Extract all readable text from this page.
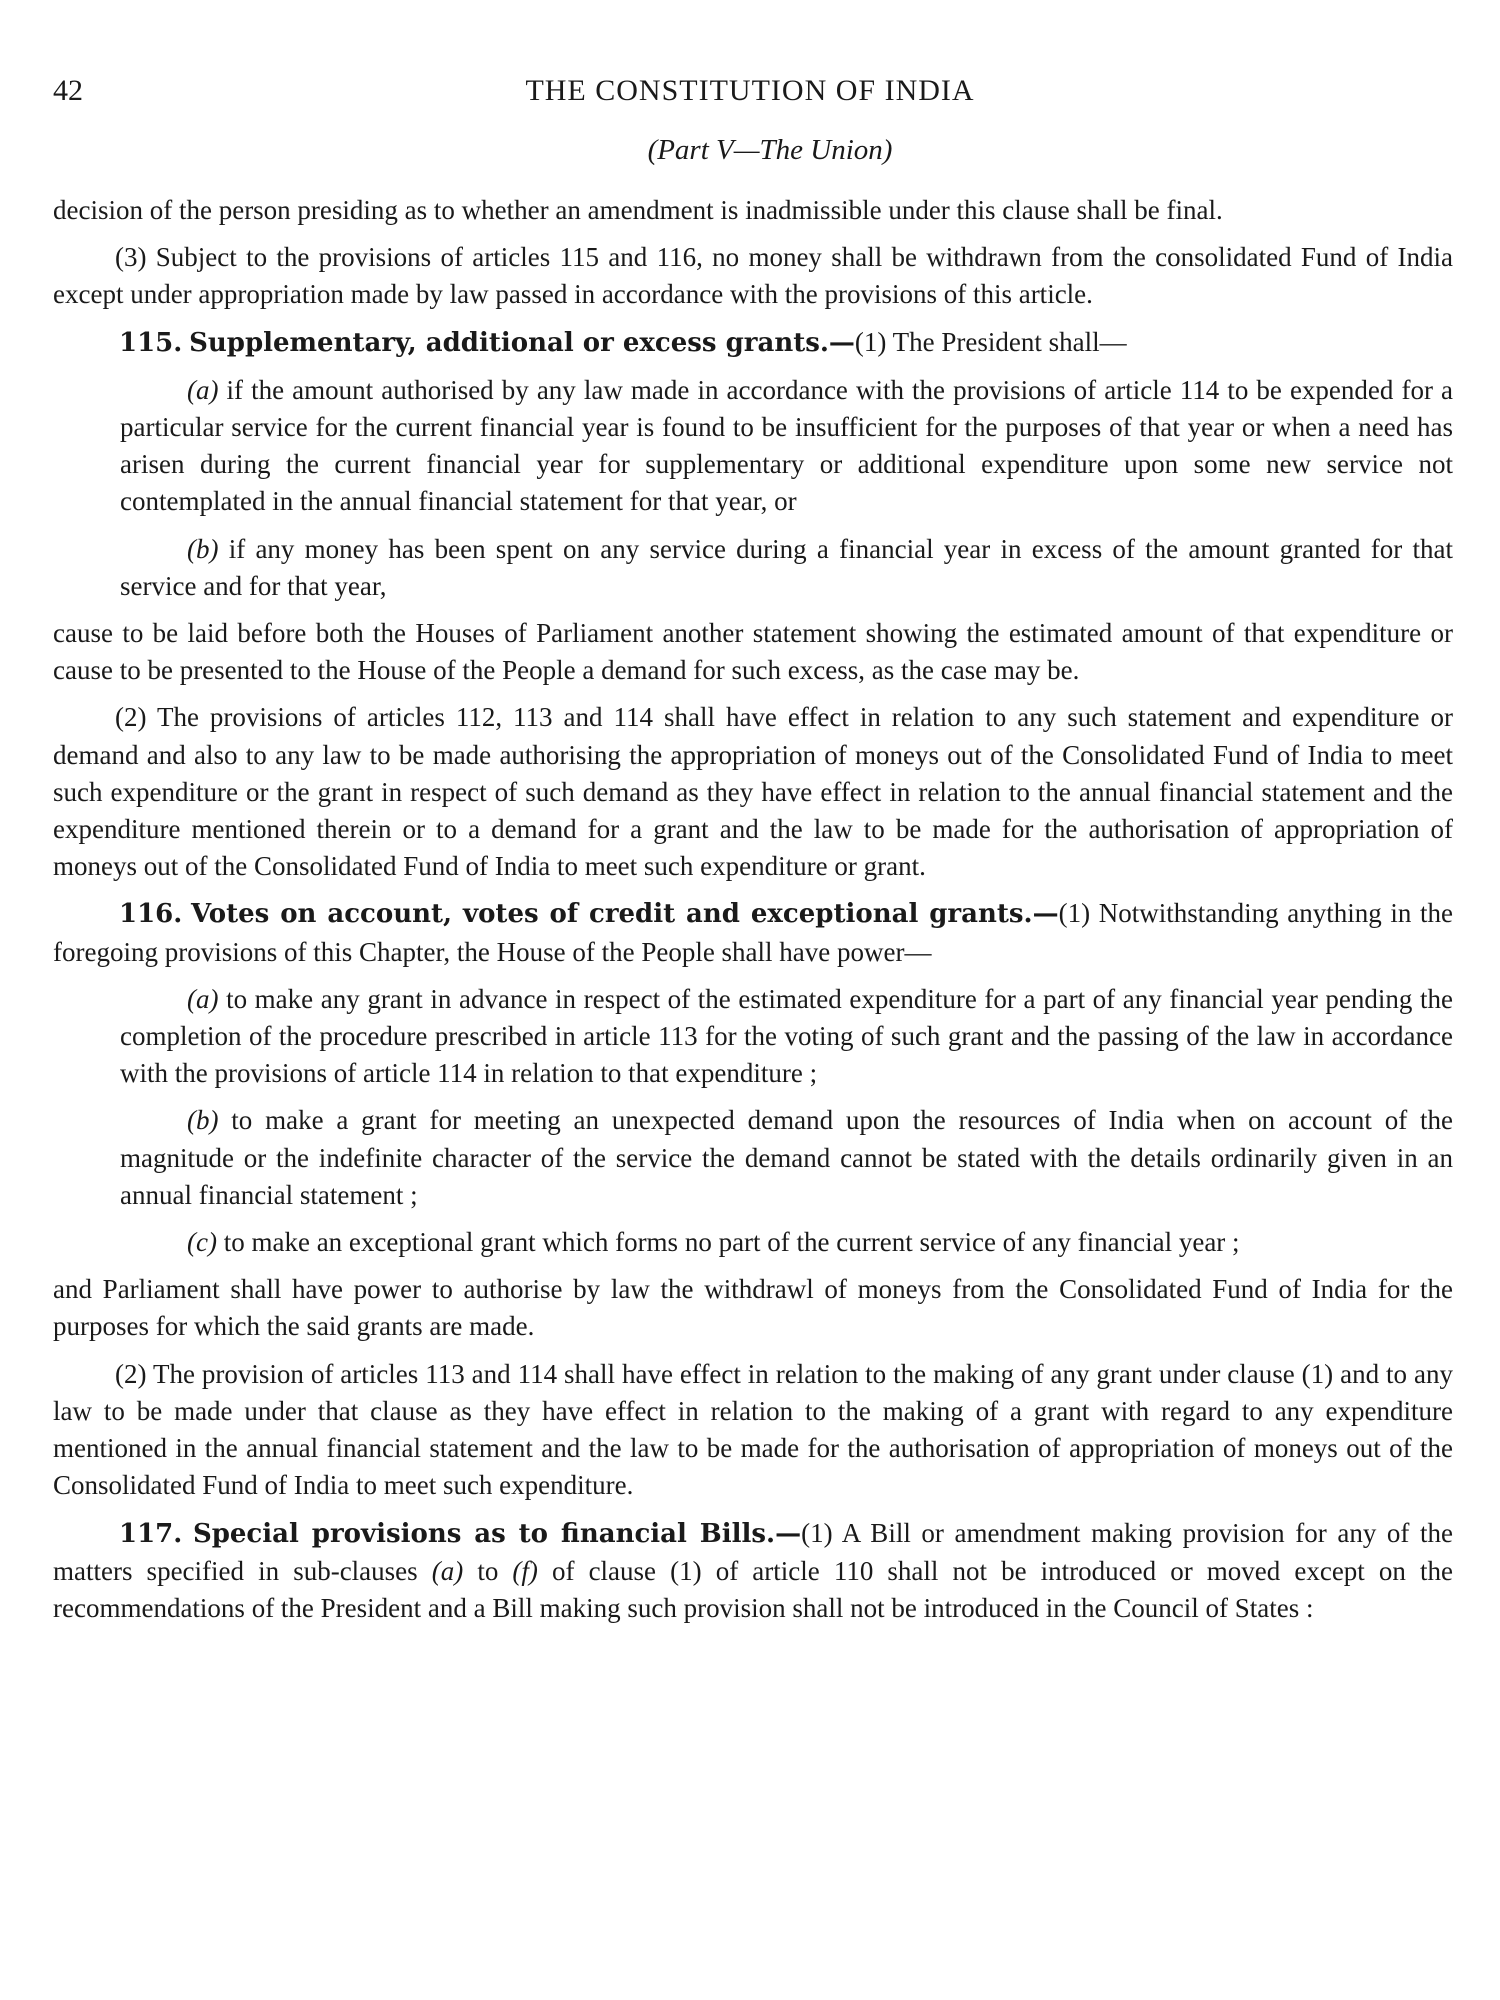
42	THE CONSTITUTION OF INDIA
(Part V—The Union)

decision of the person presiding as to whether an amendment is inadmissible under this clause shall be final.

(3) Subject to the provisions of articles 115 and 116, no money shall be withdrawn from the consolidated Fund of India except under appropriation made by law passed in accordance with the provisions of this article.

115. Supplementary, additional or excess grants.—(1) The President shall—

(a) if the amount authorised by any law made in accordance with the provisions of article 114 to be expended for a particular service for the current financial year is found to be insufficient for the purposes of that year or when a need has arisen during the current financial year for supplementary or additional expenditure upon some new service not contemplated in the annual financial statement for that year, or

(b) if any money has been spent on any service during a financial year in excess of the amount granted for that service and for that year,

cause to be laid before both the Houses of Parliament another statement showing the estimated amount of that expenditure or cause to be presented to the House of the People a demand for such excess, as the case may be.

(2) The provisions of articles 112, 113 and 114 shall have effect in relation to any such statement and expenditure or demand and also to any law to be made authorising the appropriation of moneys out of the Consolidated Fund of India to meet such expenditure or the grant in respect of such demand as they have effect in relation to the annual financial statement and the expenditure mentioned therein or to a demand for a grant and the law to be made for the authorisation of appropriation of moneys out of the Consolidated Fund of India to meet such expenditure or grant.

116. Votes on account, votes of credit and exceptional grants.—(1) Notwithstanding anything in the foregoing provisions of this Chapter, the House of the People shall have power—

(a) to make any grant in advance in respect of the estimated expenditure for a part of any financial year pending the completion of the procedure prescribed in article 113 for the voting of such grant and the passing of the law in accordance with the provisions of article 114 in relation to that expenditure ;

(b) to make a grant for meeting an unexpected demand upon the resources of India when on account of the magnitude or the indefinite character of the service the demand cannot be stated with the details ordinarily given in an annual financial statement ;

(c) to make an exceptional grant which forms no part of the current service of any financial year ;

and Parliament shall have power to authorise by law the withdrawl of moneys from the Consolidated Fund of India for the purposes for which the said grants are made.

(2) The provision of articles 113 and 114 shall have effect in relation to the making of any grant under clause (1) and to any law to be made under that clause as they have effect in relation to the making of a grant with regard to any expenditure mentioned in the annual financial statement and the law to be made for the authorisation of appropriation of moneys out of the Consolidated Fund of India to meet such expenditure.

117. Special provisions as to financial Bills.—(1) A Bill or amendment making provision for any of the matters specified in sub-clauses (a) to (f) of clause (1) of article 110 shall not be introduced or moved except on the recommendations of the President and a Bill making such provision shall not be introduced in the Council of States :
